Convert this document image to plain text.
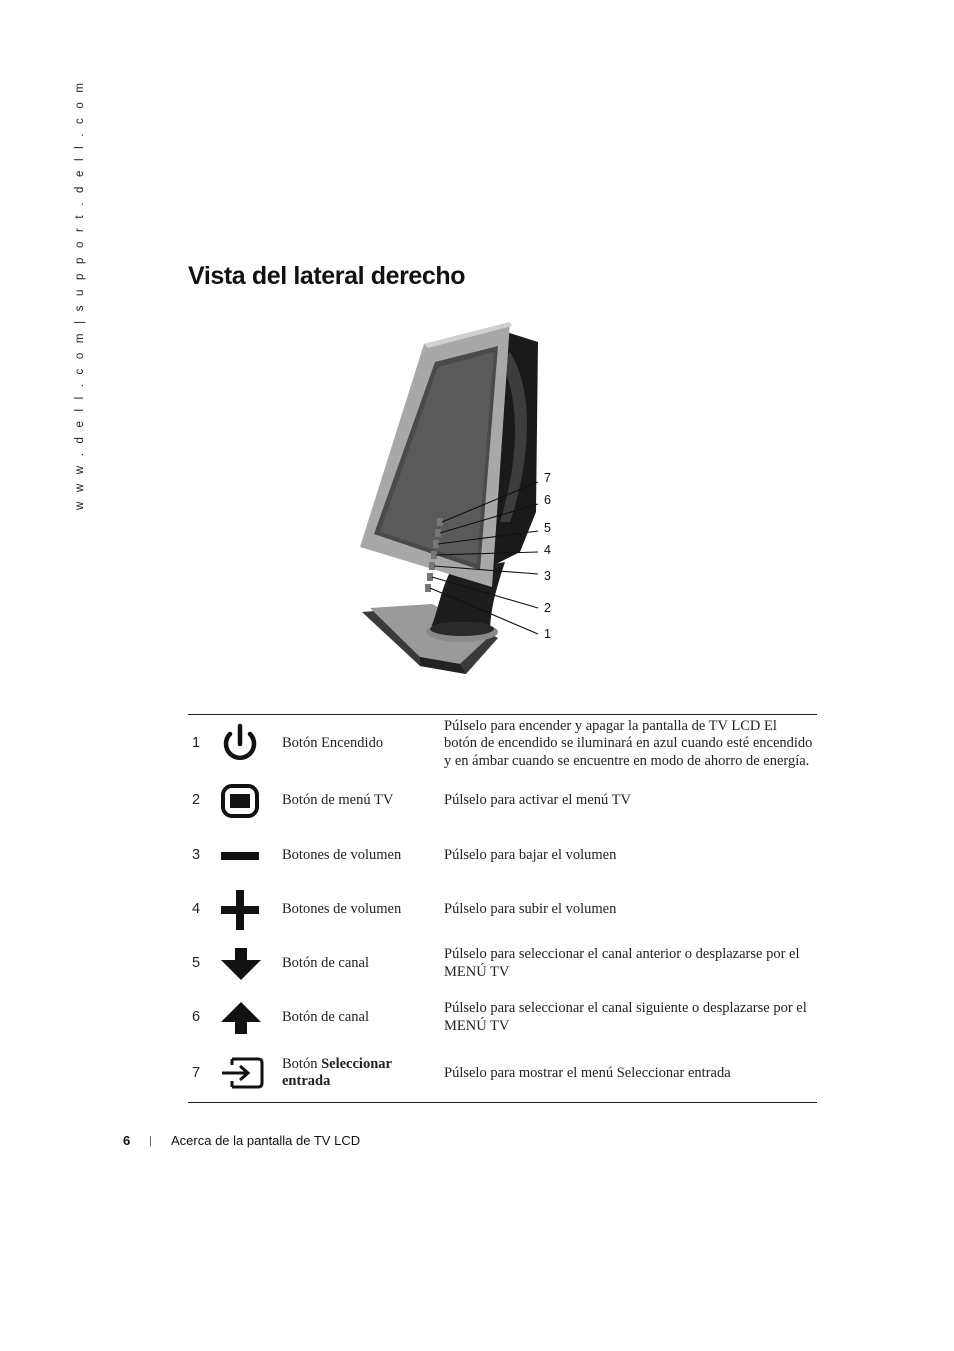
w w w . d e l l . c o m | s u p p o r t . d e l l . c o m	Vista del lateral derecho
7
6
5
4
3
2
1
1		Botón Encendido	Púlselo para encender y apagar la pantalla de TV LCD El botón de encendido se iluminará en azul cuando esté encendido y en ámbar cuando se encuentre en modo de ahorro de energía.
2		Botón de menú TV	Púlselo para activar el menú TV
3		Botones de volumen	Púlselo para bajar el volumen
4		Botones de volumen	Púlselo para subir el volumen
5		Botón de canal	Púlselo para seleccionar el canal anterior o desplazarse por el MENÚ TV
6		Botón de canal	Púlselo para seleccionar el canal siguiente o desplazarse por el MENÚ TV
7		Botón Seleccionar entrada	Púlselo para mostrar el menú Seleccionar entrada
6 | Acerca de la pantalla de TV LCD
